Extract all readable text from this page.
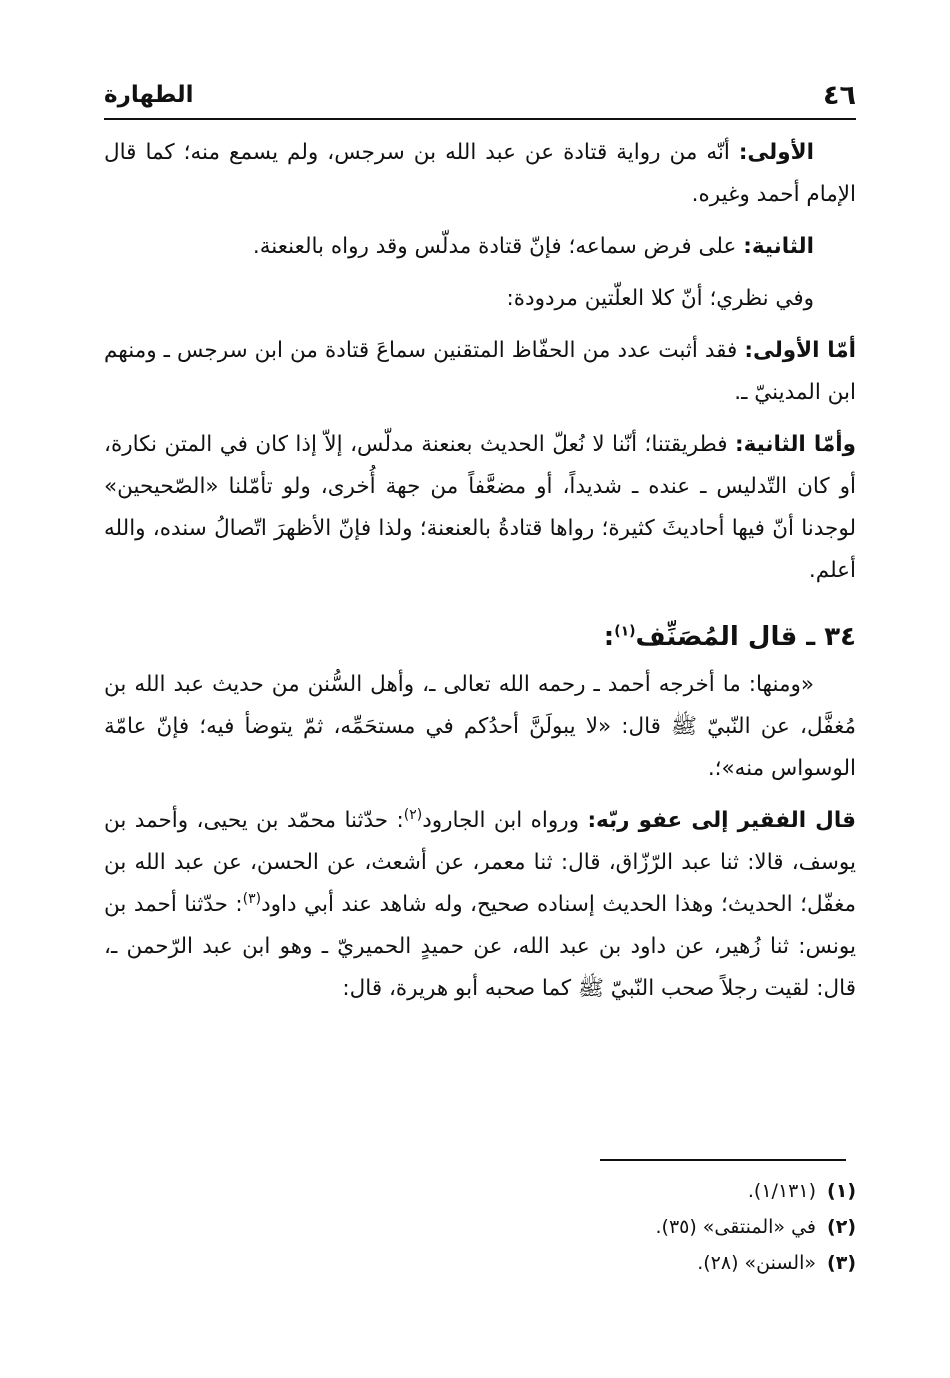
٤٦
الطهارة

الأولى: أنّه من رواية قتادة عن عبد الله بن سرجس، ولم يسمع منه؛ كما قال الإمام أحمد وغيره.

الثانية: على فرض سماعه؛ فإنّ قتادة مدلّس وقد رواه بالعنعنة.

وفي نظري؛ أنّ كلا العلّتين مردودة:

أمّا الأولى: فقد أثبت عدد من الحفّاظ المتقنين سماعَ قتادة من ابن سرجس ـ ومنهم ابن المدينيّ ـ.

وأمّا الثانية: فطريقتنا؛ أنّنا لا نُعلّ الحديث بعنعنة مدلّس، إلاّ إذا كان في المتن نكارة، أو كان التّدليس ـ عنده ـ شديداً، أو مضعَّفاً من جهة أُخرى، ولو تأمّلنا «الصّحيحين» لوجدنا أنّ فيها أحاديثَ كثيرة؛ رواها قتادةُ بالعنعنة؛ ولذا فإنّ الأظهرَ اتّصالُ سنده، والله أعلم.

٣٤ ـ قال المُصَنِّف$^{(١)}$:

«ومنها: ما أخرجه أحمد ـ رحمه الله تعالى ـ، وأهل السُّنن من حديث عبد الله بن مُغفَّل، عن النّبيّ ﷺ قال: «لا يبولَنَّ أحدُكم في مستحَمِّه، ثمّ يتوضأ فيه؛ فإنّ عامّة الوسواس منه»؛.

قال الفقير إلى عفو ربّه: ورواه ابن الجارود$^{(٢)}$: حدّثنا محمّد بن يحيى، وأحمد بن يوسف، قالا: ثنا عبد الرّزّاق، قال: ثنا معمر، عن أشعث، عن الحسن، عن عبد الله بن مغفّل؛ الحديث؛ وهذا الحديث إسناده صحيح، وله شاهد عند أبي داود$^{(٣)}$: حدّثنا أحمد بن يونس: ثنا زُهير، عن داود بن عبد الله، عن حميدٍ الحميريّ ـ وهو ابن عبد الرّحمن ـ، قال: لقيت رجلاً صحب النّبيّ ﷺ كما صحبه أبو هريرة، قال:

(١)(١/١٣١).

(٢)في «المنتقى» (٣٥).

(٣)«السنن» (٢٨).
